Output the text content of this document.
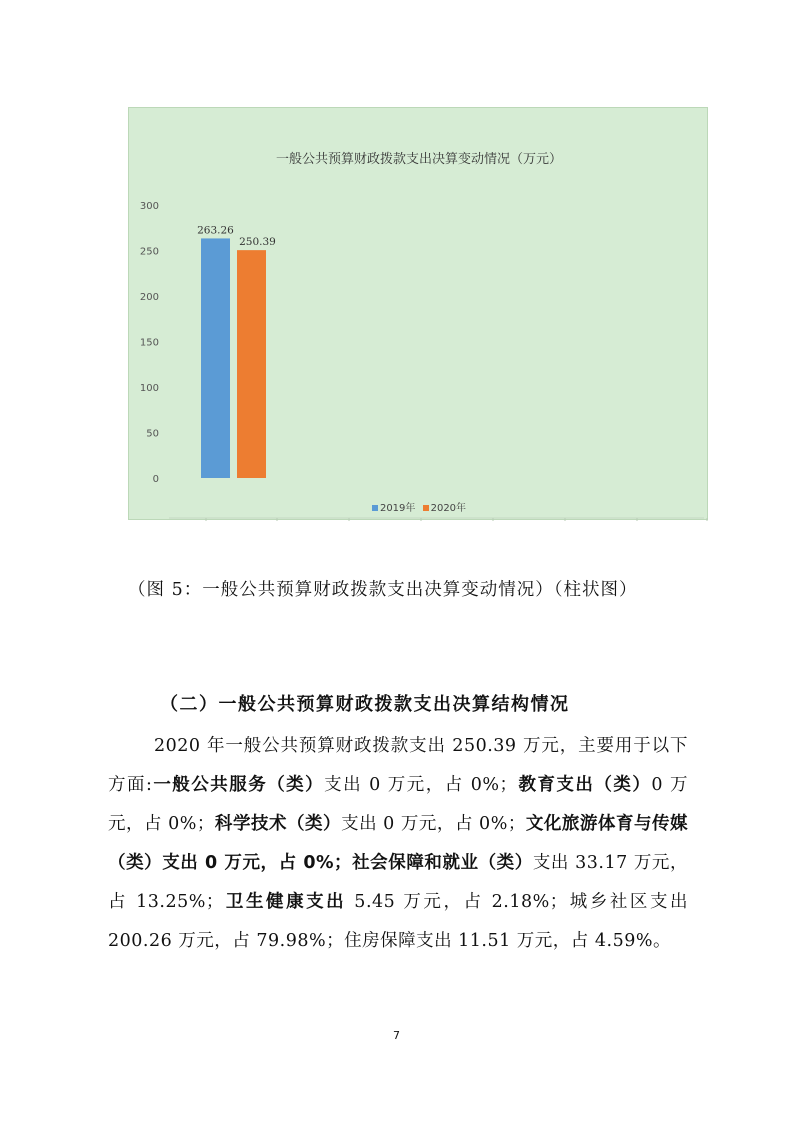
0
50
100
150
200
250
300
263.26
250.39
一般公共预算财政拨款支出决算变动情况（万元）
2019年 2020年
（图 5：一般公共预算财政拨款支出决算变动情况）（柱状图）
（二）一般公共预算财政拨款支出决算结构情况
2020 年一般公共预算财政拨款支出 250.39 万元，主要用于以下方面:一般公共服务（类）支出 0 万元，占 0%；教育支出（类）0 万元，占 0%；科学技术（类）支出 0 万元，占 0%；文化旅游体育与传媒（类）支出 0 万元，占 0%；社会保障和就业（类）支出 33.17 万元，占 13.25%；卫生健康支出 5.45 万元，占 2.18%；城乡社区支出 200.26 万元，占 79.98%；住房保障支出 11.51 万元，占 4.59%。
7
